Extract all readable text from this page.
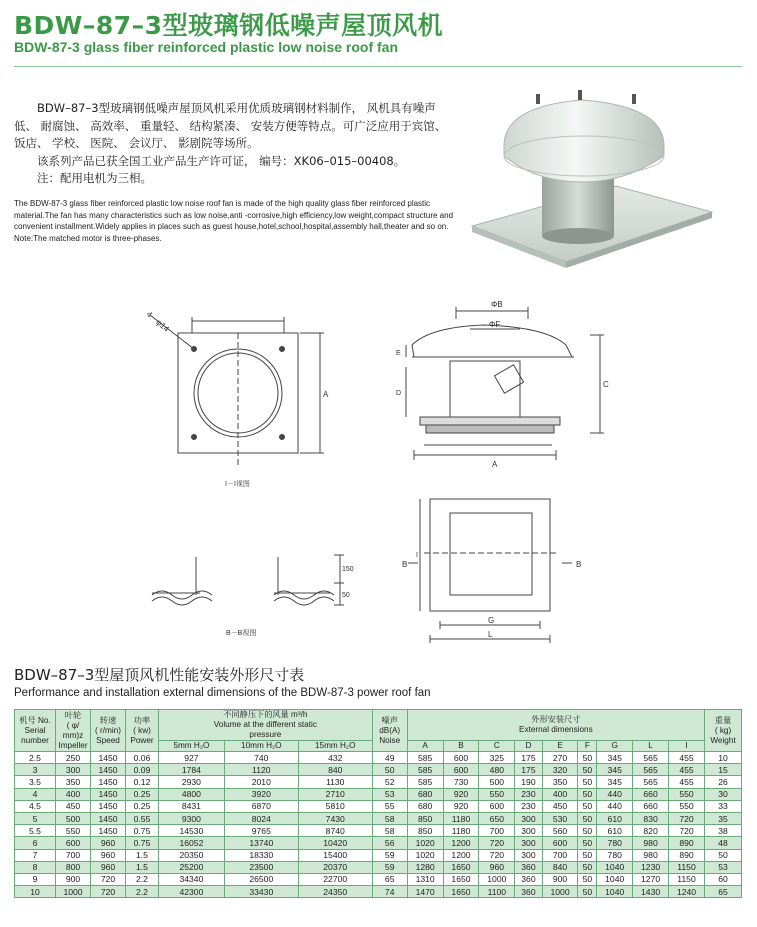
BDW–87–3型玻璃钢低噪声屋顶风机
BDW-87-3 glass fiber reinforced plastic low noise roof fan

BDW–87–3型玻璃钢低噪声屋顶风机采用优质玻璃钢材料制作， 风机具有噪声低、 耐腐蚀、 高效率、 重量轻、 结构紧凑、 安装方便等特点。可广泛应用于宾馆、 饭店、 学校、 医院、 会议厅、 影剧院等场所。

该系列产品已获全国工业产品生产许可证， 编号：XK06–015–00408。

注：配用电机为三相。

The BDW-87-3 glass fiber reinforced plastic low noise roof fan is made of the high quality glass fiber reinforced plastic material.The fan has many characteristics such as low noise,anti -corrosive,high efficiency,low weight,compact structure and convenient installment.Widely applies in places such as guest house,hotel,school,hospital,assembly hall,theater and so on.

Note:The matched motor is three-phases.

4－φ14
A
I－I视图
ΦB
ΦF
C
E
D
A
G
L
I
B	B
150
50
B－B视图
BDW–87–3型屋顶风机性能安装外形尺寸表
Performance and installation external dimensions of the BDW-87-3 power roof fan
机号 No.
Serial
number	叶轮
( φ/
mm)z
Impeller	转速
( r/min)
Speed	功率
( kw)
Power	不同静压下的风量 m³/h
Volume at the different static
pressure			噪声
dB(A)
Noise	外形安装尺寸
External dimensions									重量
( kg)
Weight
				5mm H₂O	10mm H₂O	15mm H₂O		A	B	C	D	E	F	G	L	I	
2.5	250	1450	0.06	927	740	432	49	585	600	325	175	270	50	345	565	455	10
3	300	1450	0.09	1784	1120	840	50	585	600	480	175	320	50	345	565	455	15
3.5	350	1450	0.12	2930	2010	1130	52	585	730	500	190	350	50	345	565	455	26
4	400	1450	0.25	4800	3920	2710	53	680	920	550	230	400	50	440	660	550	30
4.5	450	1450	0.25	8431	6870	5810	55	680	920	600	230	450	50	440	660	550	33
5	500	1450	0.55	9300	8024	7430	58	850	1180	650	300	530	50	610	830	720	35
5.5	550	1450	0.75	14530	9765	8740	58	850	1180	700	300	560	50	610	820	720	38
6	600	960	0.75	16052	13740	10420	56	1020	1200	720	300	600	50	780	980	890	48
7	700	960	1.5	20350	18330	15400	59	1020	1200	720	300	700	50	780	980	890	50
8	800	960	1.5	25200	23500	20370	59	1280	1650	960	360	840	50	1040	1230	1150	53
9	900	720	2.2	34340	26500	22700	65	1310	1650	1000	360	900	50	1040	1270	1150	60
10	1000	720	2.2	42300	33430	24350	74	1470	1650	1100	360	1000	50	1040	1430	1240	65
